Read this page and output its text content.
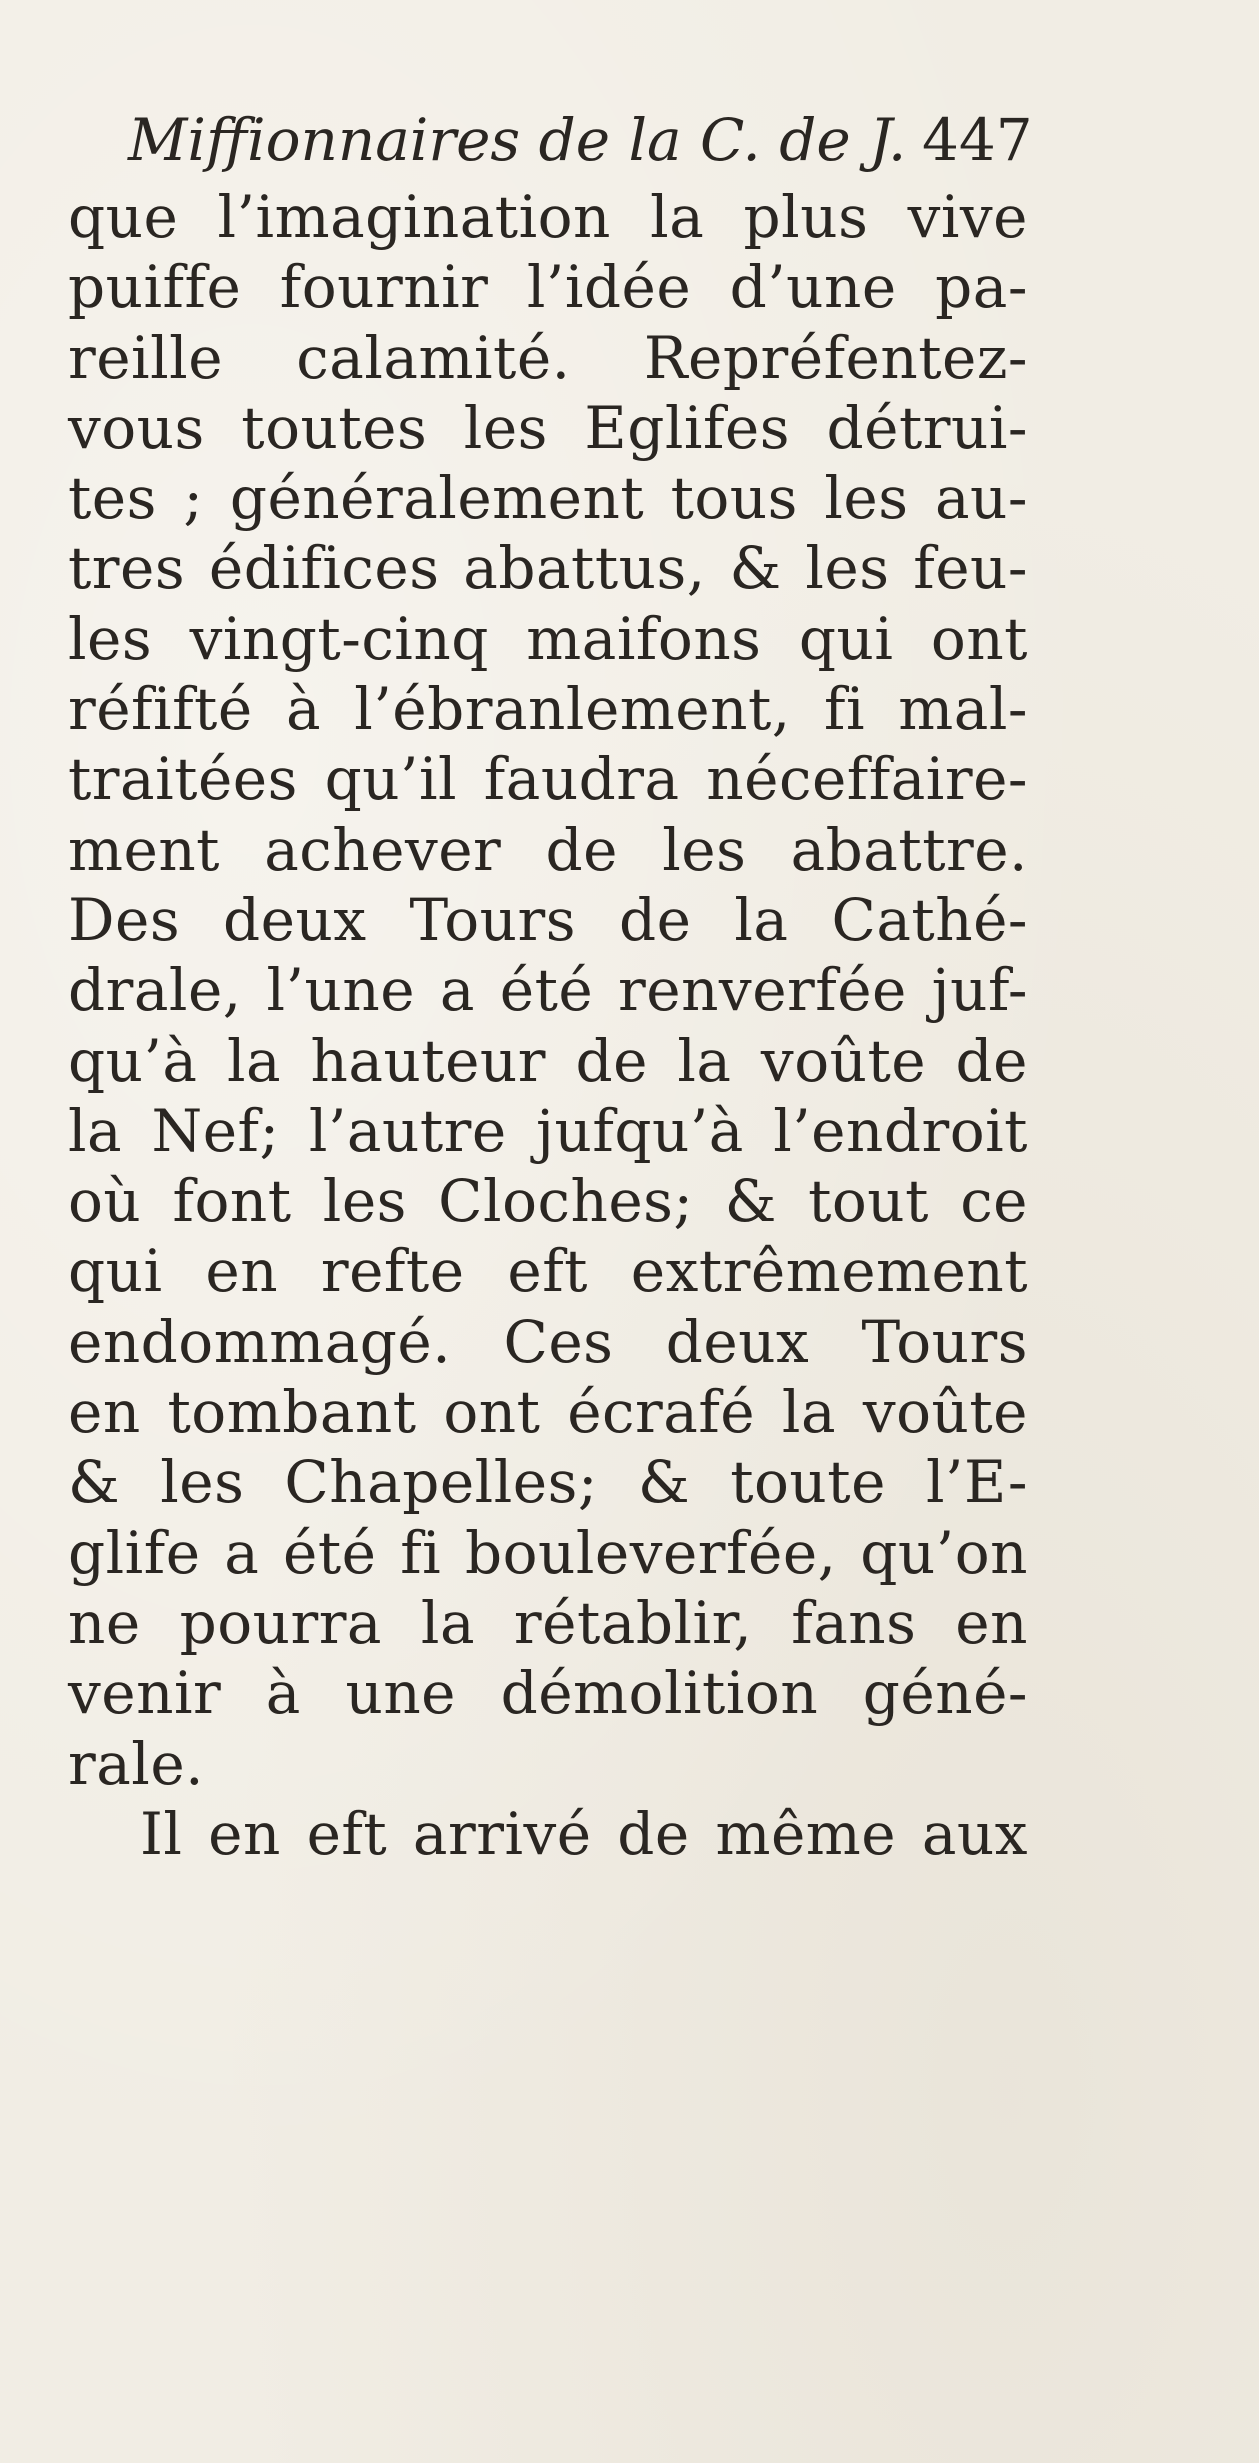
Miffionnaires de la C. de J. 447
que l’imagination la plus vive
puiffe fournir l’idée d’une pa-
reille calamité. Repréfentez-
vous toutes les Eglifes détrui-
tes ; généralement tous les au-
tres édifices abattus, & les feu-
les vingt-cinq maifons qui ont
réfifté à l’ébranlement, fi mal-
traitées qu’il faudra néceffaire-
ment achever de les abattre.
Des deux Tours de la Cathé-
drale, l’une a été renverfée juf-
qu’à la hauteur de la voûte de
la Nef; l’autre jufqu’à l’endroit
où font les Cloches; & tout ce
qui en refte eft extrêmement
endommagé. Ces deux Tours
en tombant ont écrafé la voûte
& les Chapelles; & toute l’E-
glife a été fi bouleverfée, qu’on
ne pourra la rétablir, fans en
venir à une démolition géné-
rale.
Il en eft arrivé de même aux
